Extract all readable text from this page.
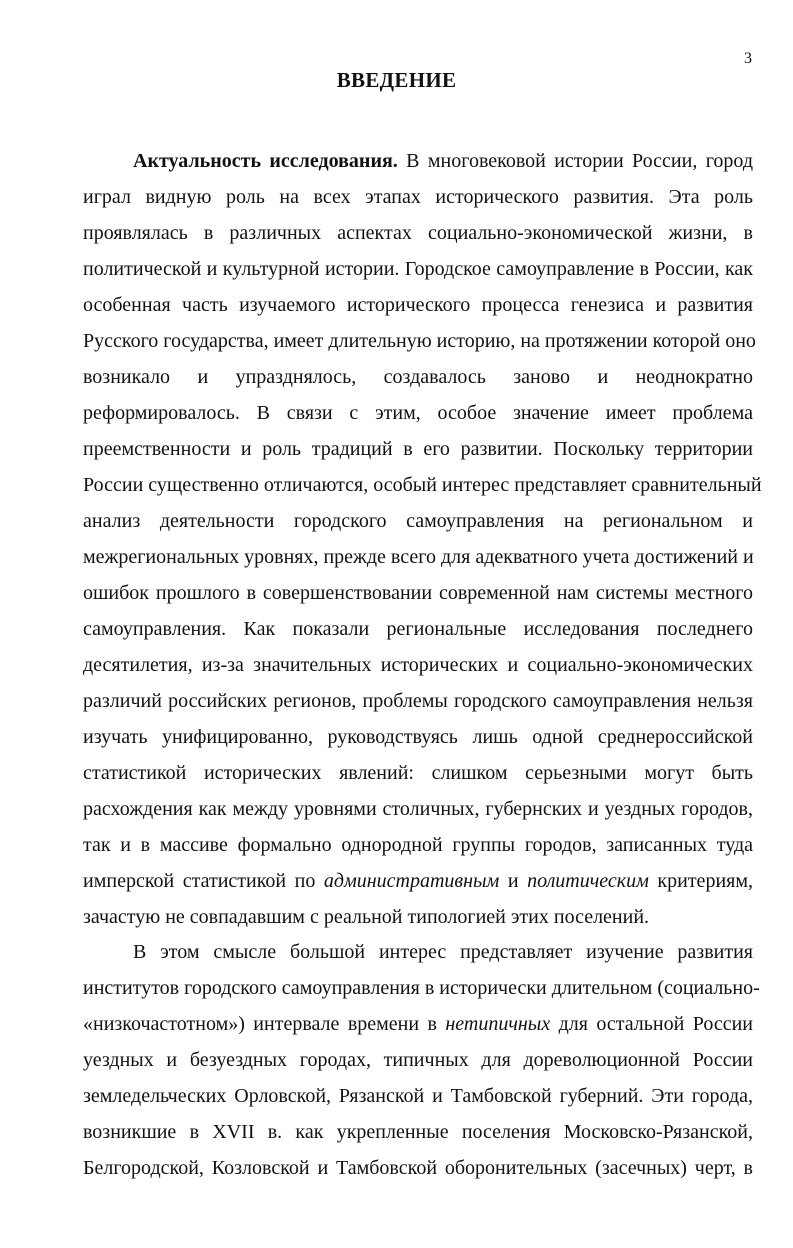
3
ВВЕДЕНИЕ
Актуальность исследования. В многовековой истории России, город
играл видную роль на всех этапах исторического развития. Эта роль
проявлялась в различных аспектах социально-экономической жизни, в
политической и культурной истории. Городское самоуправление в России, как
особенная часть изучаемого исторического процесса генезиса и развития
Русского государства, имеет длительную историю, на протяжении которой оно
возникало и упразднялось, создавалось заново и неоднократно
реформировалось. В связи с этим, особое значение имеет проблема
преемственности и роль традиций в его развитии. Поскольку территории
России существенно отличаются, особый интерес представляет сравнительный
анализ деятельности городского самоуправления на региональном и
межрегиональных уровнях, прежде всего для адекватного учета достижений и
ошибок прошлого в совершенствовании современной нам системы местного
самоуправления. Как показали региональные исследования последнего
десятилетия, из-за значительных исторических и социально-экономических
различий российских регионов, проблемы городского самоуправления нельзя
изучать унифицированно, руководствуясь лишь одной среднероссийской
статистикой исторических явлений: слишком серьезными могут быть
расхождения как между уровнями столичных, губернских и уездных городов,
так и в массиве формально однородной группы городов, записанных туда
имперской статистикой по административным и политическим критериям,
зачастую не совпадавшим с реальной типологией этих поселений.
В этом смысле большой интерес представляет изучение развития
институтов городского самоуправления в исторически длительном (социально-
«низкочастотном») интервале времени в нетипичных для остальной России
уездных и безуездных городах, типичных для дореволюционной России
земледельческих Орловской, Рязанской и Тамбовской губерний. Эти города,
возникшие в XVII в. как укрепленные поселения Московско-Рязанской,
Белгородской, Козловской и Тамбовской оборонительных (засечных) черт, в
